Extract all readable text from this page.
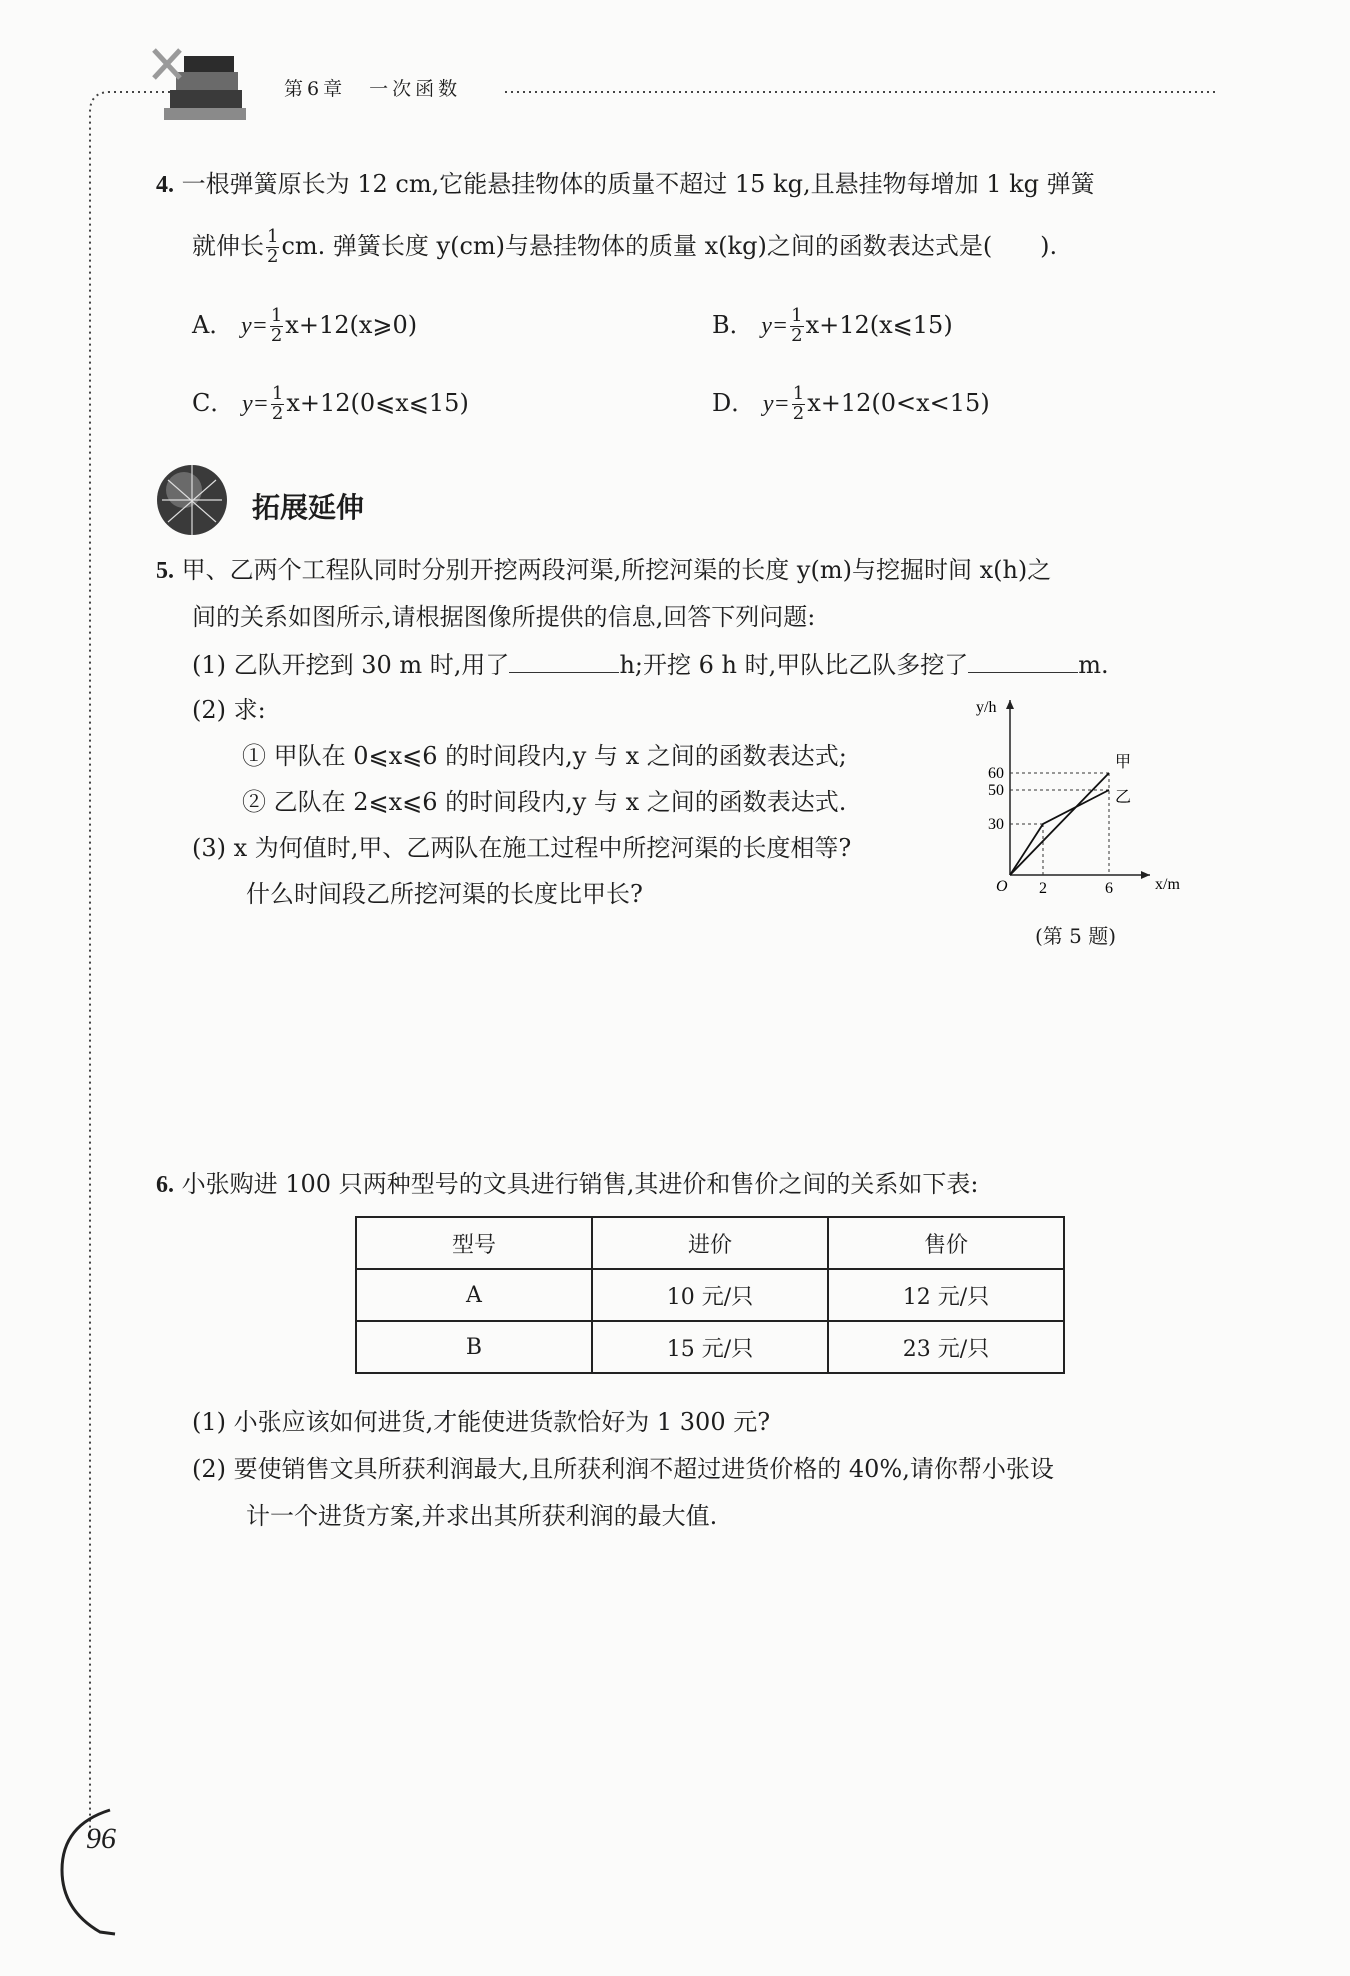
第6章　一次函数
4. 一根弹簧原长为 12 cm,它能悬挂物体的质量不超过 15 kg,且悬挂物每增加 1 kg 弹簧
就伸长 $\frac{1}{2}$ cm. 弹簧长度 y(cm)与悬挂物体的质量 x(kg)之间的函数表达式是(　　).
A． $y= \frac{1}{2}$ x+12(x⩾0)	B． $y= \frac{1}{2}$ x+12(x⩽15)
C． $y= \frac{1}{2}$ x+12(0⩽x⩽15)	D． $y= \frac{1}{2} x+12(0<x<15)$
拓展延伸
5. 甲、乙两个工程队同时分别开挖两段河渠,所挖河渠的长度 y(m)与挖掘时间 x(h)之
间的关系如图所示,请根据图像所提供的信息,回答下列问题:
(1) 乙队开挖到 30 m 时,用了	h;开挖 6 h 时,甲队比乙队多挖了	m.
(2) 求:
① 甲队在 0⩽x⩽6 的时间段内,y 与 x 之间的函数表达式;
② 乙队在 2⩽x⩽6 的时间段内,y 与 x 之间的函数表达式.
(3) x 为何值时,甲、乙两队在施工过程中所挖河渠的长度相等?
什么时间段乙所挖河渠的长度比甲长?	x/m
y/h
O 2	6
30
50
60
甲
乙
(第 5 题)
6. 小张购进 100 只两种型号的文具进行销售,其进价和售价之间的关系如下表:
型号	进价	售价
A	10 元/只	12 元/只
B	15 元/只	23 元/只
(1) 小张应该如何进货,才能使进货款恰好为 1 300 元?
(2) 要使销售文具所获利润最大,且所获利润不超过进货价格的 40%,请你帮小张设
计一个进货方案,并求出其所获利润的最大值.
96
